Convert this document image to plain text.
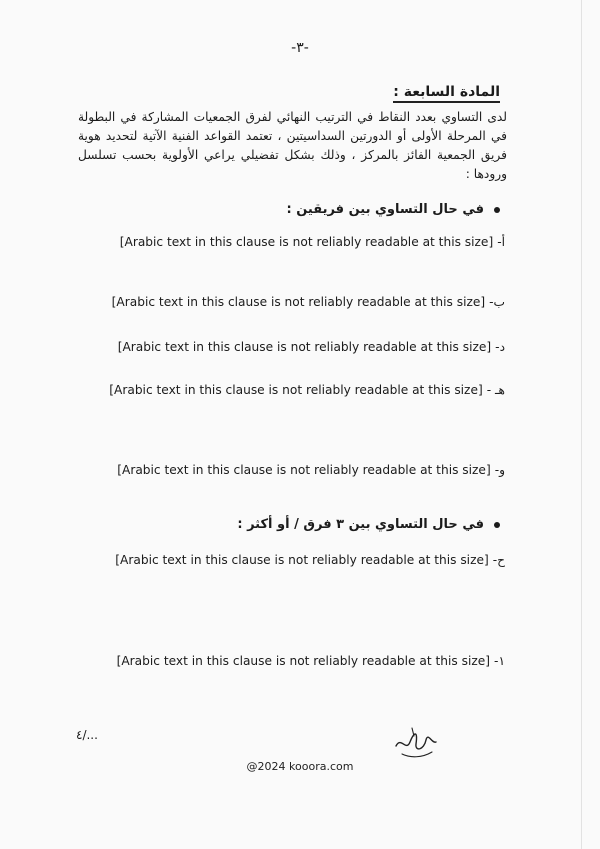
-٣-
المادة السابعة :
لدى التساوي بعدد النقاط في الترتيب النهائي لفرق الجمعيات المشاركة في البطولة في المرحلة الأولى أو الدورتين السداسيتين ، تعتمد القواعد الفنية الآتية لتحديد هوية فريق الجمعية الفائز بالمركز ، وذلك بشكل تفضيلي يراعي الأولوية بحسب تسلسل ورودها :
في حال التساوي بين فريقين :
أ-[Arabic text in this clause is not reliably readable at this size]
ب-[Arabic text in this clause is not reliably readable at this size]
د-[Arabic text in this clause is not reliably readable at this size]
هـ -[Arabic text in this clause is not reliably readable at this size]
و-[Arabic text in this clause is not reliably readable at this size]
في حال التساوي بين ٣ فرق / أو أكثر :
ح-[Arabic text in this clause is not reliably readable at this size]
١-[Arabic text in this clause is not reliably readable at this size]
٤/...
@2024 kooora.com
